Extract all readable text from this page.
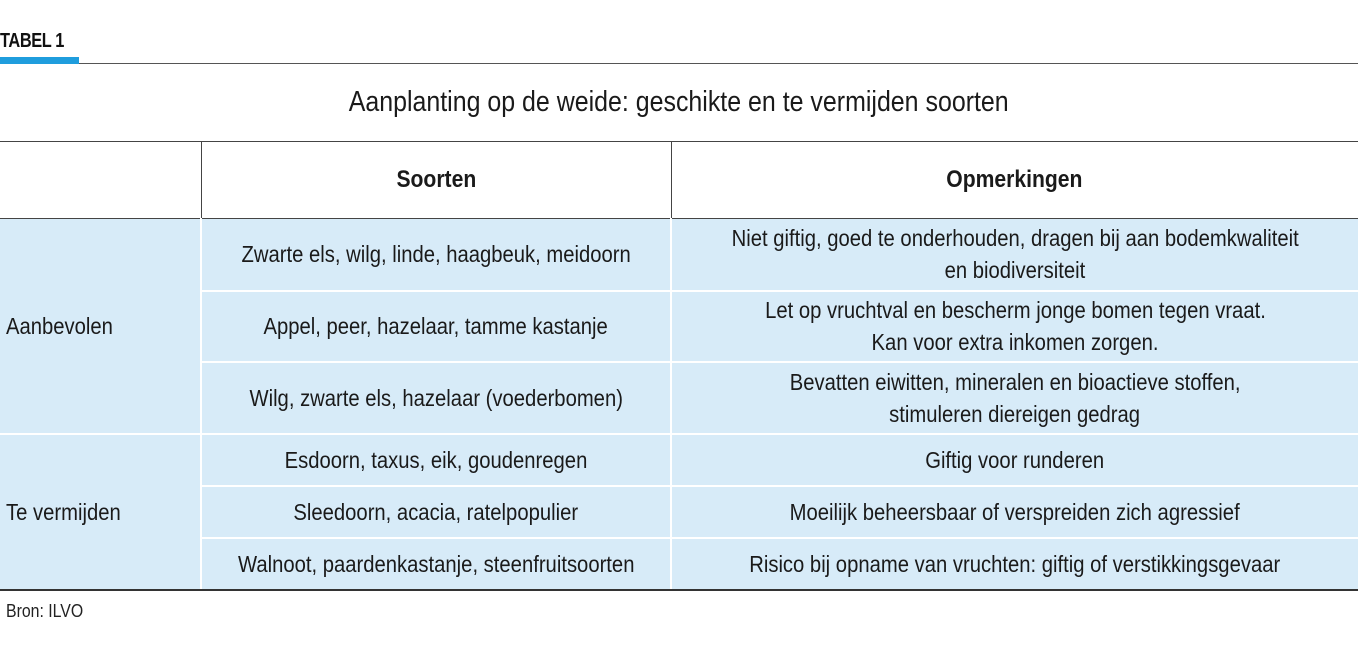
TABEL 1
Aanplanting op de weide: geschikte en te vermijden soorten
	Soorten	Opmerkingen
Aanbevolen	Zwarte els, wilg, linde, haagbeuk, meidoorn	Niet giftig, goed te onderhouden, dragen bij aan bodemkwaliteit
en biodiversiteit
	Appel, peer, hazelaar, tamme kastanje	Let op vruchtval en bescherm jonge bomen tegen vraat.
Kan voor extra inkomen zorgen.
	Wilg, zwarte els, hazelaar (voederbomen)	Bevatten eiwitten, mineralen en bioactieve stoffen,
stimuleren diereigen gedrag
Te vermijden	Esdoorn, taxus, eik, goudenregen	Giftig voor runderen
	Sleedoorn, acacia, ratelpopulier	Moeilijk beheersbaar of verspreiden zich agressief
	Walnoot, paardenkastanje, steenfruitsoorten	Risico bij opname van vruchten: giftig of verstikkingsgevaar
Bron: ILVO
